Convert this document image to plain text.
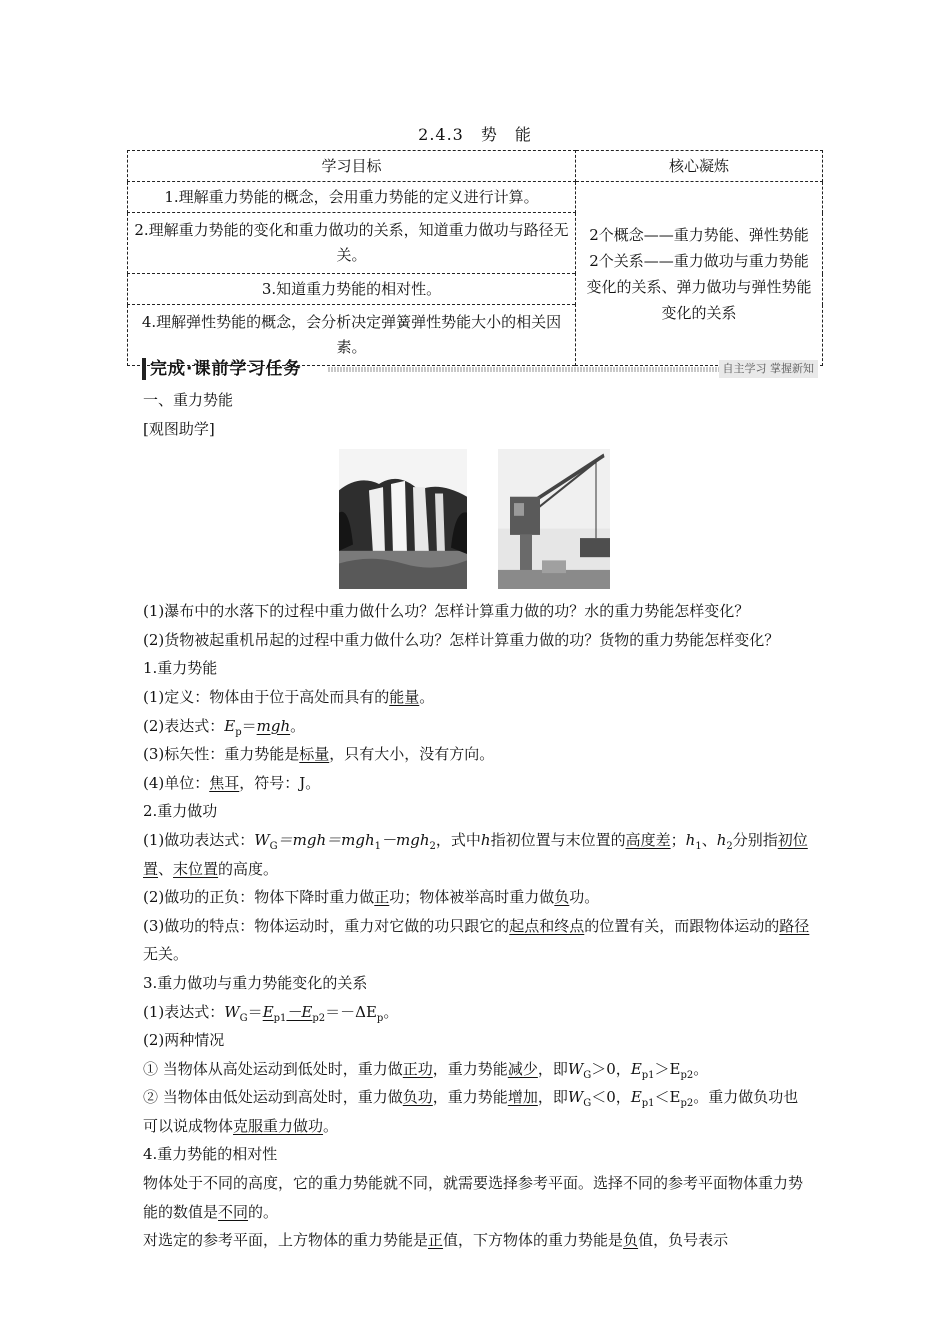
2.4.3　势　能
学习目标	核心凝炼
1.理解重力势能的概念，会用重力势能的定义进行计算。	2个概念——重力势能、弹性势能
2个关系——重力做功与重力势能变化的关系、弹力做功与弹性势能变化的关系

2.理解重力势能的变化和重力做功的关系，知道重力做功与路径无关。	
3.知道重力势能的相对性。	
4.理解弹性势能的概念，会分析决定弹簧弹性势能大小的相关因素。	
完成·课前学习任务	自主学习 掌握新知

一、重力势能

[观图助学]

(1)瀑布中的水落下的过程中重力做什么功？怎样计算重力做的功？水的重力势能怎样变化？

(2)货物被起重机吊起的过程中重力做什么功？怎样计算重力做的功？货物的重力势能怎样变化？

1.重力势能

(1)定义：物体由于位于高处而具有的能量。

(2)表达式：$E_p=mgh$。

(3)标矢性：重力势能是标量，只有大小，没有方向。

(4)单位：焦耳，符号：J。

2.重力做功

(1)做功表达式：$W_G=mgh=mgh_1-mgh_2$，式中h指初位置与末位置的高度差；$h_1$、$h_2$分别指初位置、末位置的高度。

(2)做功的正负：物体下降时重力做正功；物体被举高时重力做负功。

(3)做功的特点：物体运动时，重力对它做的功只跟它的起点和终点的位置有关，而跟物体运动的路径无关。

3.重力做功与重力势能变化的关系

(1)表达式：$W_G=E_{p1}-E_{p2}=-\Delta E_p$。

(2)两种情况

① 当物体从高处运动到低处时，重力做正功，重力势能减少，即$W_G>0$，$E_{p1}>E_{p2}$。

② 当物体由低处运动到高处时，重力做负功，重力势能增加，即$W_G<0$，$E_{p1}<E_{p2}$。重力做负功也可以说成物体克服重力做功。

4.重力势能的相对性

物体处于不同的高度，它的重力势能就不同，就需要选择参考平面。选择不同的参考平面物体重力势能的数值是不同的。

对选定的参考平面，上方物体的重力势能是正值，下方物体的重力势能是负值，负号表示
